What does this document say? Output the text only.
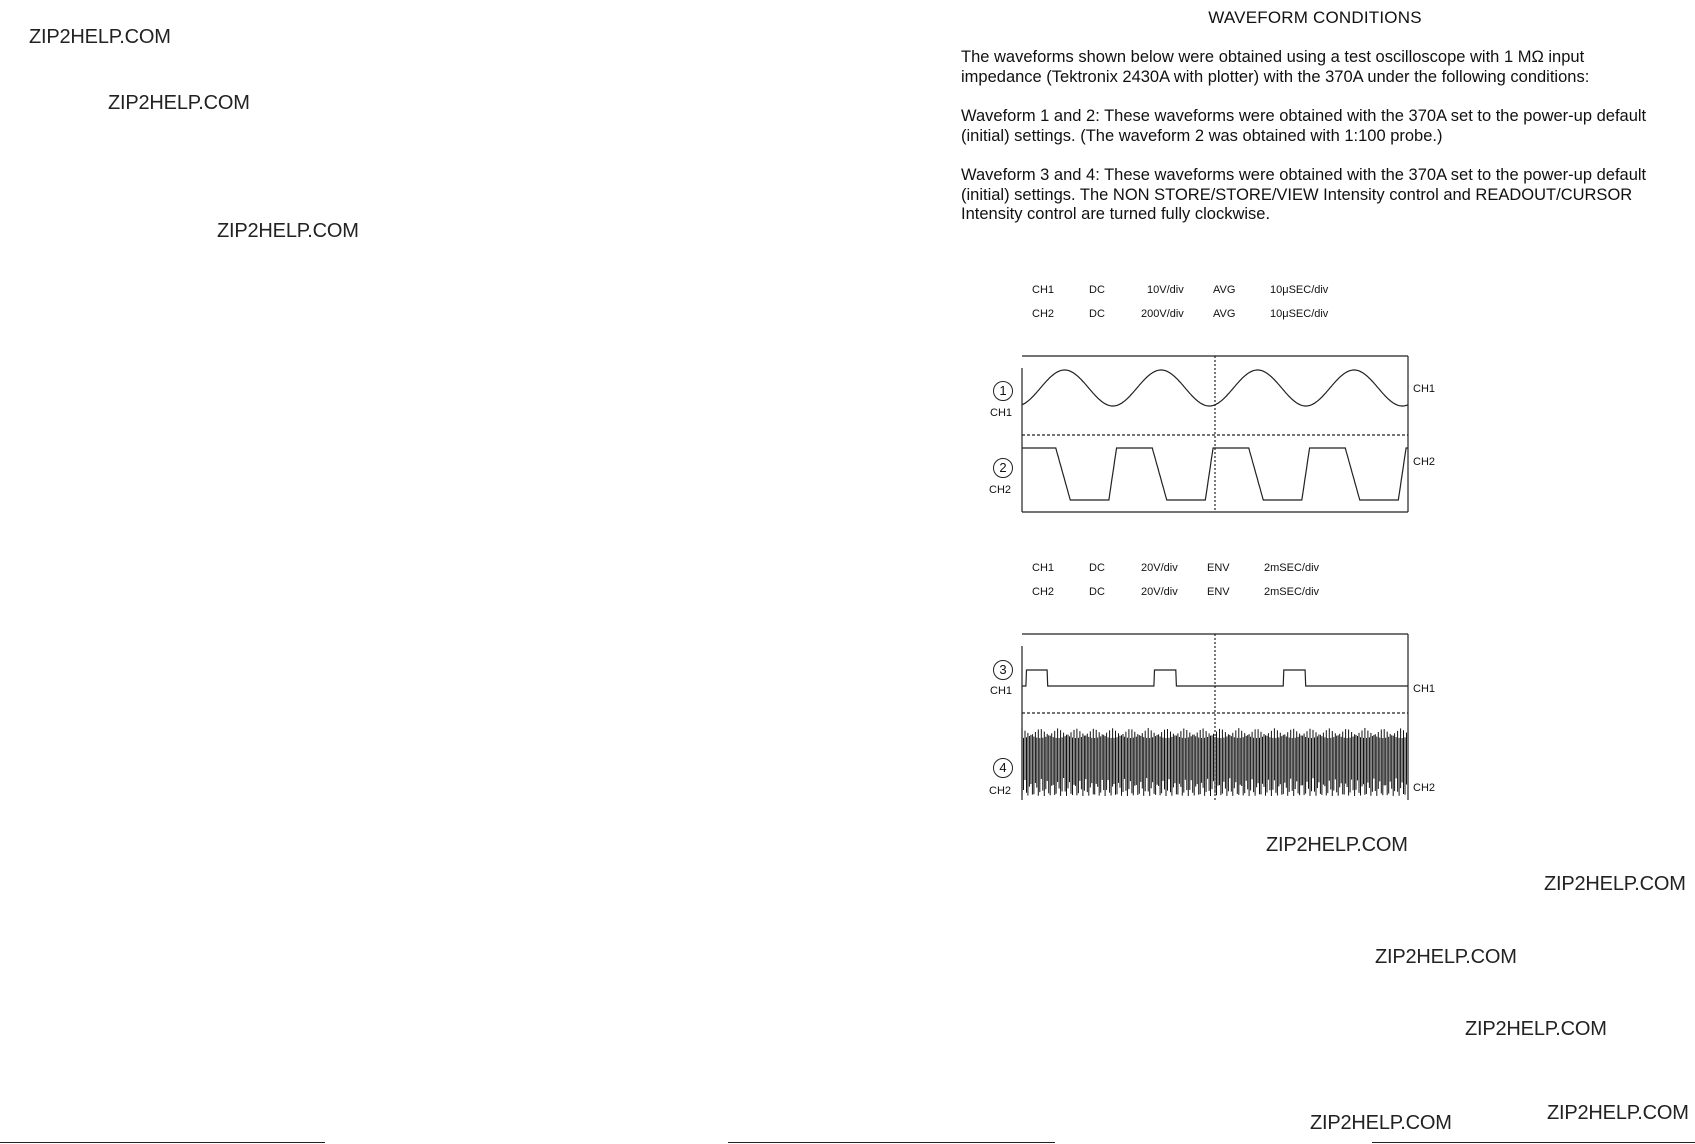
ZIP2HELP.COM
ZIP2HELP.COM
ZIP2HELP.COM
ZIP2HELP.COM
ZIP2HELP.COM
ZIP2HELP.COM
ZIP2HELP.COM
ZIP2HELP.COM	ZIP2HELP.COM
WAVEFORM CONDITIONS

The waveforms shown below were obtained using a test oscilloscope with 1 MΩ input impedance (Tektronix 2430A with plotter) with the 370A under the following conditions:

Waveform 1 and 2: These waveforms were obtained with the 370A set to the power-up default (initial) settings. (The waveform 2 was obtained with 1:100 probe.)

Waveform 3 and 4: These waveforms were obtained with the 370A set to the power-up default (initial) settings. The NON STORE/STORE/VIEW Intensity control and READOUT/CURSOR Intensity control are turned fully clockwise.

CH1	DC	10V/div	AVG	10μSEC/div
CH2	DC	200V/div	AVG	10μSEC/div
1
2
CH1
CH2
CH1
CH2
CH1	DC	20V/div	ENV	2mSEC/div
CH2	DC	20V/div	ENV	2mSEC/div
3
4
CH1
CH2
CH1
CH2
